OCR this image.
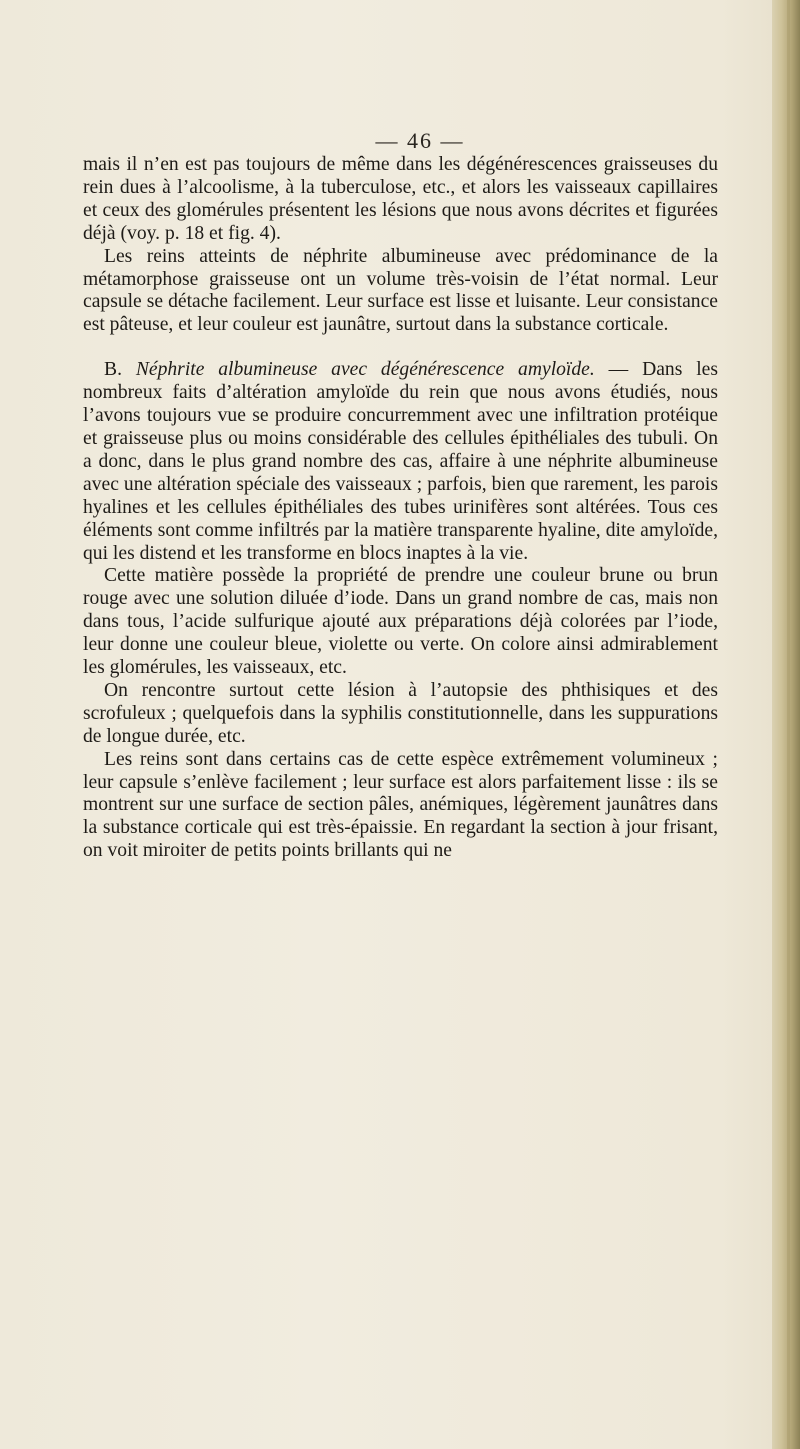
— 46 —

mais il n’en est pas toujours de même dans les dégénérescences graisseuses du rein dues à l’alcoolisme, à la tuberculose, etc., et alors les vaisseaux capillaires et ceux des glomérules présentent les lésions que nous avons décrites et figurées déjà (voy. p. 18 et fig. 4).

Les reins atteints de néphrite albumineuse avec prédominance de la métamorphose graisseuse ont un volume très-voisin de l’état normal. Leur capsule se détache facilement. Leur surface est lisse et luisante. Leur consistance est pâteuse, et leur couleur est jaunâtre, surtout dans la substance corticale.

B. Néphrite albumineuse avec dégénérescence amyloïde. — Dans les nombreux faits d’altération amyloïde du rein que nous avons étudiés, nous l’avons toujours vue se produire concurremment avec une infiltration protéique et graisseuse plus ou moins considérable des cellules épithéliales des tubuli. On a donc, dans le plus grand nombre des cas, affaire à une néphrite albumineuse avec une altération spéciale des vaisseaux ; parfois, bien que rarement, les parois hyalines et les cellules épithéliales des tubes urinifères sont altérées. Tous ces éléments sont comme infiltrés par la matière transparente hyaline, dite amyloïde, qui les distend et les transforme en blocs inaptes à la vie.

Cette matière possède la propriété de prendre une couleur brune ou brun rouge avec une solution diluée d’iode. Dans un grand nombre de cas, mais non dans tous, l’acide sulfurique ajouté aux préparations déjà colorées par l’iode, leur donne une couleur bleue, violette ou verte. On colore ainsi admirablement les glomérules, les vaisseaux, etc.

On rencontre surtout cette lésion à l’autopsie des phthisiques et des scrofuleux ; quelquefois dans la syphilis constitutionnelle, dans les suppurations de longue durée, etc.

Les reins sont dans certains cas de cette espèce extrêmement volumineux ; leur capsule s’enlève facilement ; leur surface est alors parfaitement lisse : ils se montrent sur une surface de section pâles, anémiques, légèrement jaunâtres dans la substance corticale qui est très-épaissie. En regardant la section à jour frisant, on voit miroiter de petits points brillants qui ne
